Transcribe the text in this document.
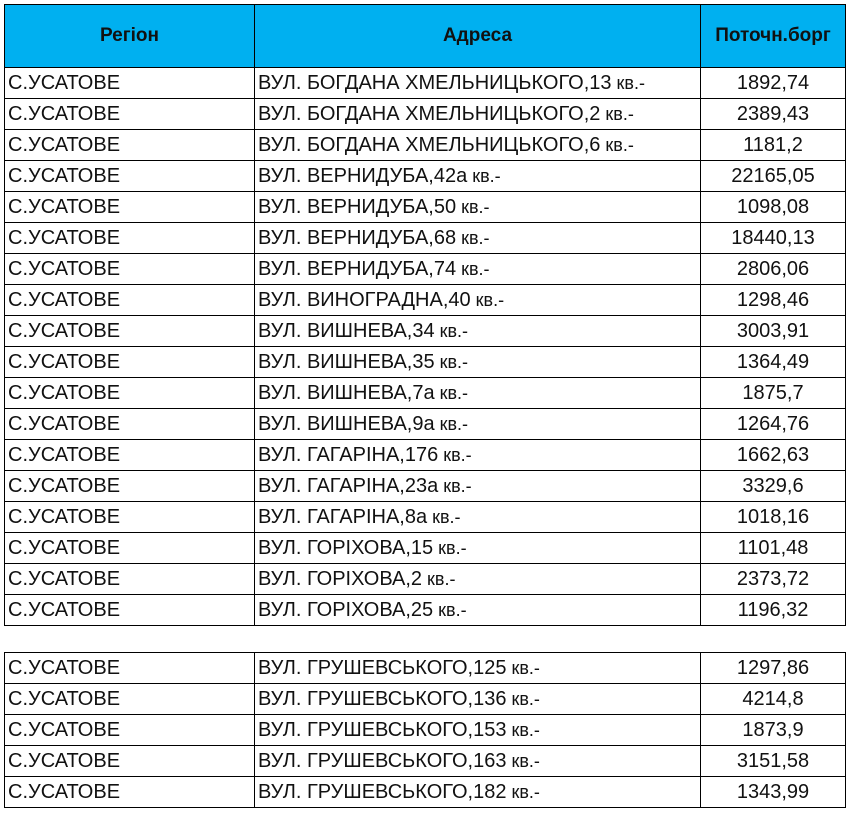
Регіон	Адреса	Поточн.борг
С.УСАТОВЕ	ВУЛ. БОГДАНА ХМЕЛЬНИЦЬКОГО,13 кв.-	1892,74
С.УСАТОВЕ	ВУЛ. БОГДАНА ХМЕЛЬНИЦЬКОГО,2 кв.-	2389,43
С.УСАТОВЕ	ВУЛ. БОГДАНА ХМЕЛЬНИЦЬКОГО,6 кв.-	1181,2
С.УСАТОВЕ	ВУЛ. ВЕРНИДУБА,42а кв.-	22165,05
С.УСАТОВЕ	ВУЛ. ВЕРНИДУБА,50 кв.-	1098,08
С.УСАТОВЕ	ВУЛ. ВЕРНИДУБА,68 кв.-	18440,13
С.УСАТОВЕ	ВУЛ. ВЕРНИДУБА,74 кв.-	2806,06
С.УСАТОВЕ	ВУЛ. ВИНОГРАДНА,40 кв.-	1298,46
С.УСАТОВЕ	ВУЛ. ВИШНЕВА,34 кв.-	3003,91
С.УСАТОВЕ	ВУЛ. ВИШНЕВА,35 кв.-	1364,49
С.УСАТОВЕ	ВУЛ. ВИШНЕВА,7а кв.-	1875,7
С.УСАТОВЕ	ВУЛ. ВИШНЕВА,9а кв.-	1264,76
С.УСАТОВЕ	ВУЛ. ГАГАРІНА,176 кв.-	1662,63
С.УСАТОВЕ	ВУЛ. ГАГАРІНА,23а кв.-	3329,6
С.УСАТОВЕ	ВУЛ. ГАГАРІНА,8а кв.-	1018,16
С.УСАТОВЕ	ВУЛ. ГОРІХОВА,15 кв.-	1101,48
С.УСАТОВЕ	ВУЛ. ГОРІХОВА,2 кв.-	2373,72
С.УСАТОВЕ	ВУЛ. ГОРІХОВА,25 кв.-	1196,32

С.УСАТОВЕ	ВУЛ. ГРУШЕВСЬКОГО,125 кв.-	1297,86
С.УСАТОВЕ	ВУЛ. ГРУШЕВСЬКОГО,136 кв.-	4214,8
С.УСАТОВЕ	ВУЛ. ГРУШЕВСЬКОГО,153 кв.-	1873,9
С.УСАТОВЕ	ВУЛ. ГРУШЕВСЬКОГО,163 кв.-	3151,58
С.УСАТОВЕ	ВУЛ. ГРУШЕВСЬКОГО,182 кв.-	1343,99
